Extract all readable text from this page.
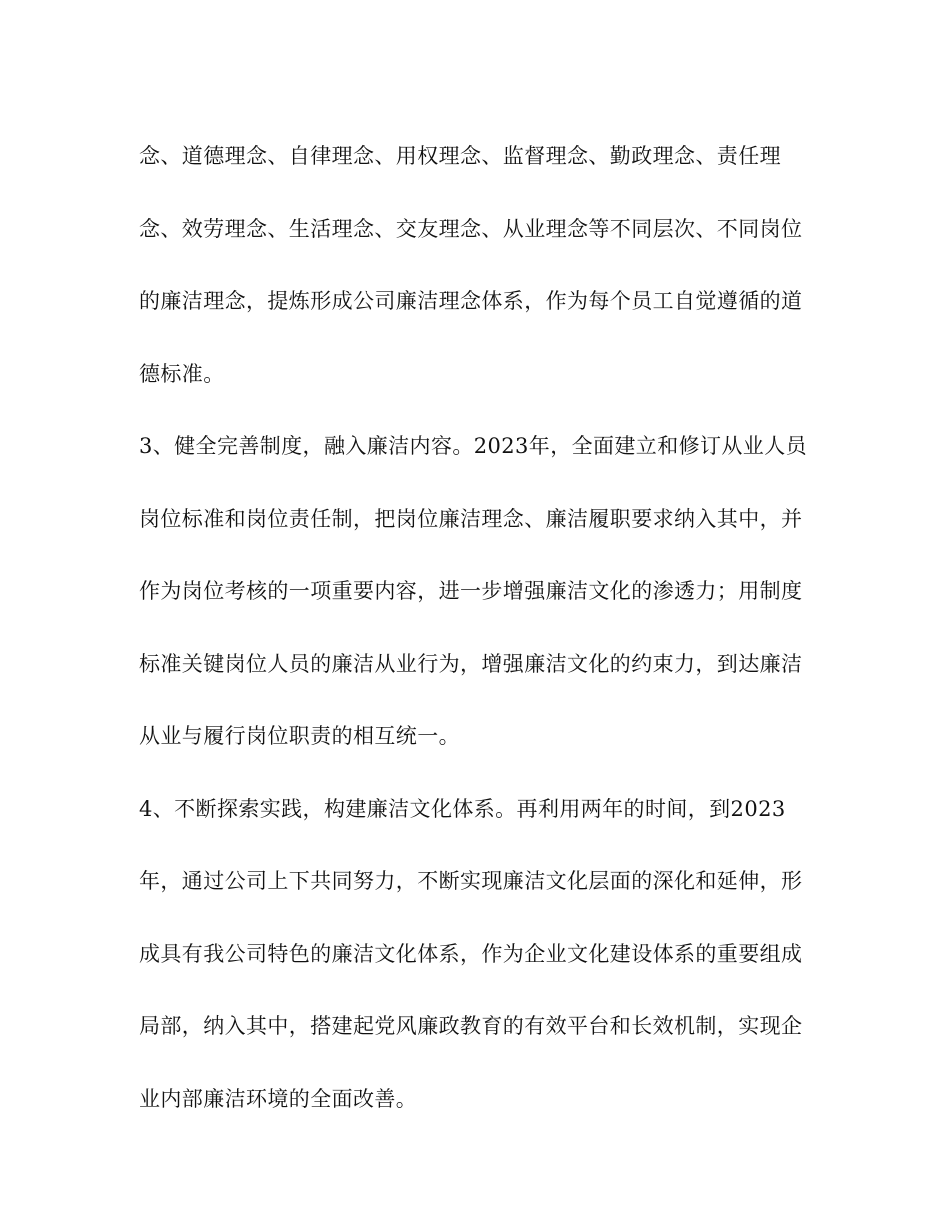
念、道德理念、自律理念、用权理念、监督理念、勤政理念、责任理
念、效劳理念、生活理念、交友理念、从业理念等不同层次、不同岗位
的廉洁理念，提炼形成公司廉洁理念体系，作为每个员工自觉遵循的道
德标准。
3、健全完善制度，融入廉洁内容。2023年，全面建立和修订从业人员
岗位标准和岗位责任制，把岗位廉洁理念、廉洁履职要求纳入其中，并
作为岗位考核的一项重要内容，进一步增强廉洁文化的渗透力；用制度
标准关键岗位人员的廉洁从业行为，增强廉洁文化的约束力，到达廉洁
从业与履行岗位职责的相互统一。
4、不断探索实践，构建廉洁文化体系。再利用两年的时间，到2023
年，通过公司上下共同努力，不断实现廉洁文化层面的深化和延伸，形
成具有我公司特色的廉洁文化体系，作为企业文化建设体系的重要组成
局部，纳入其中，搭建起党风廉政教育的有效平台和长效机制，实现企
业内部廉洁环境的全面改善。
